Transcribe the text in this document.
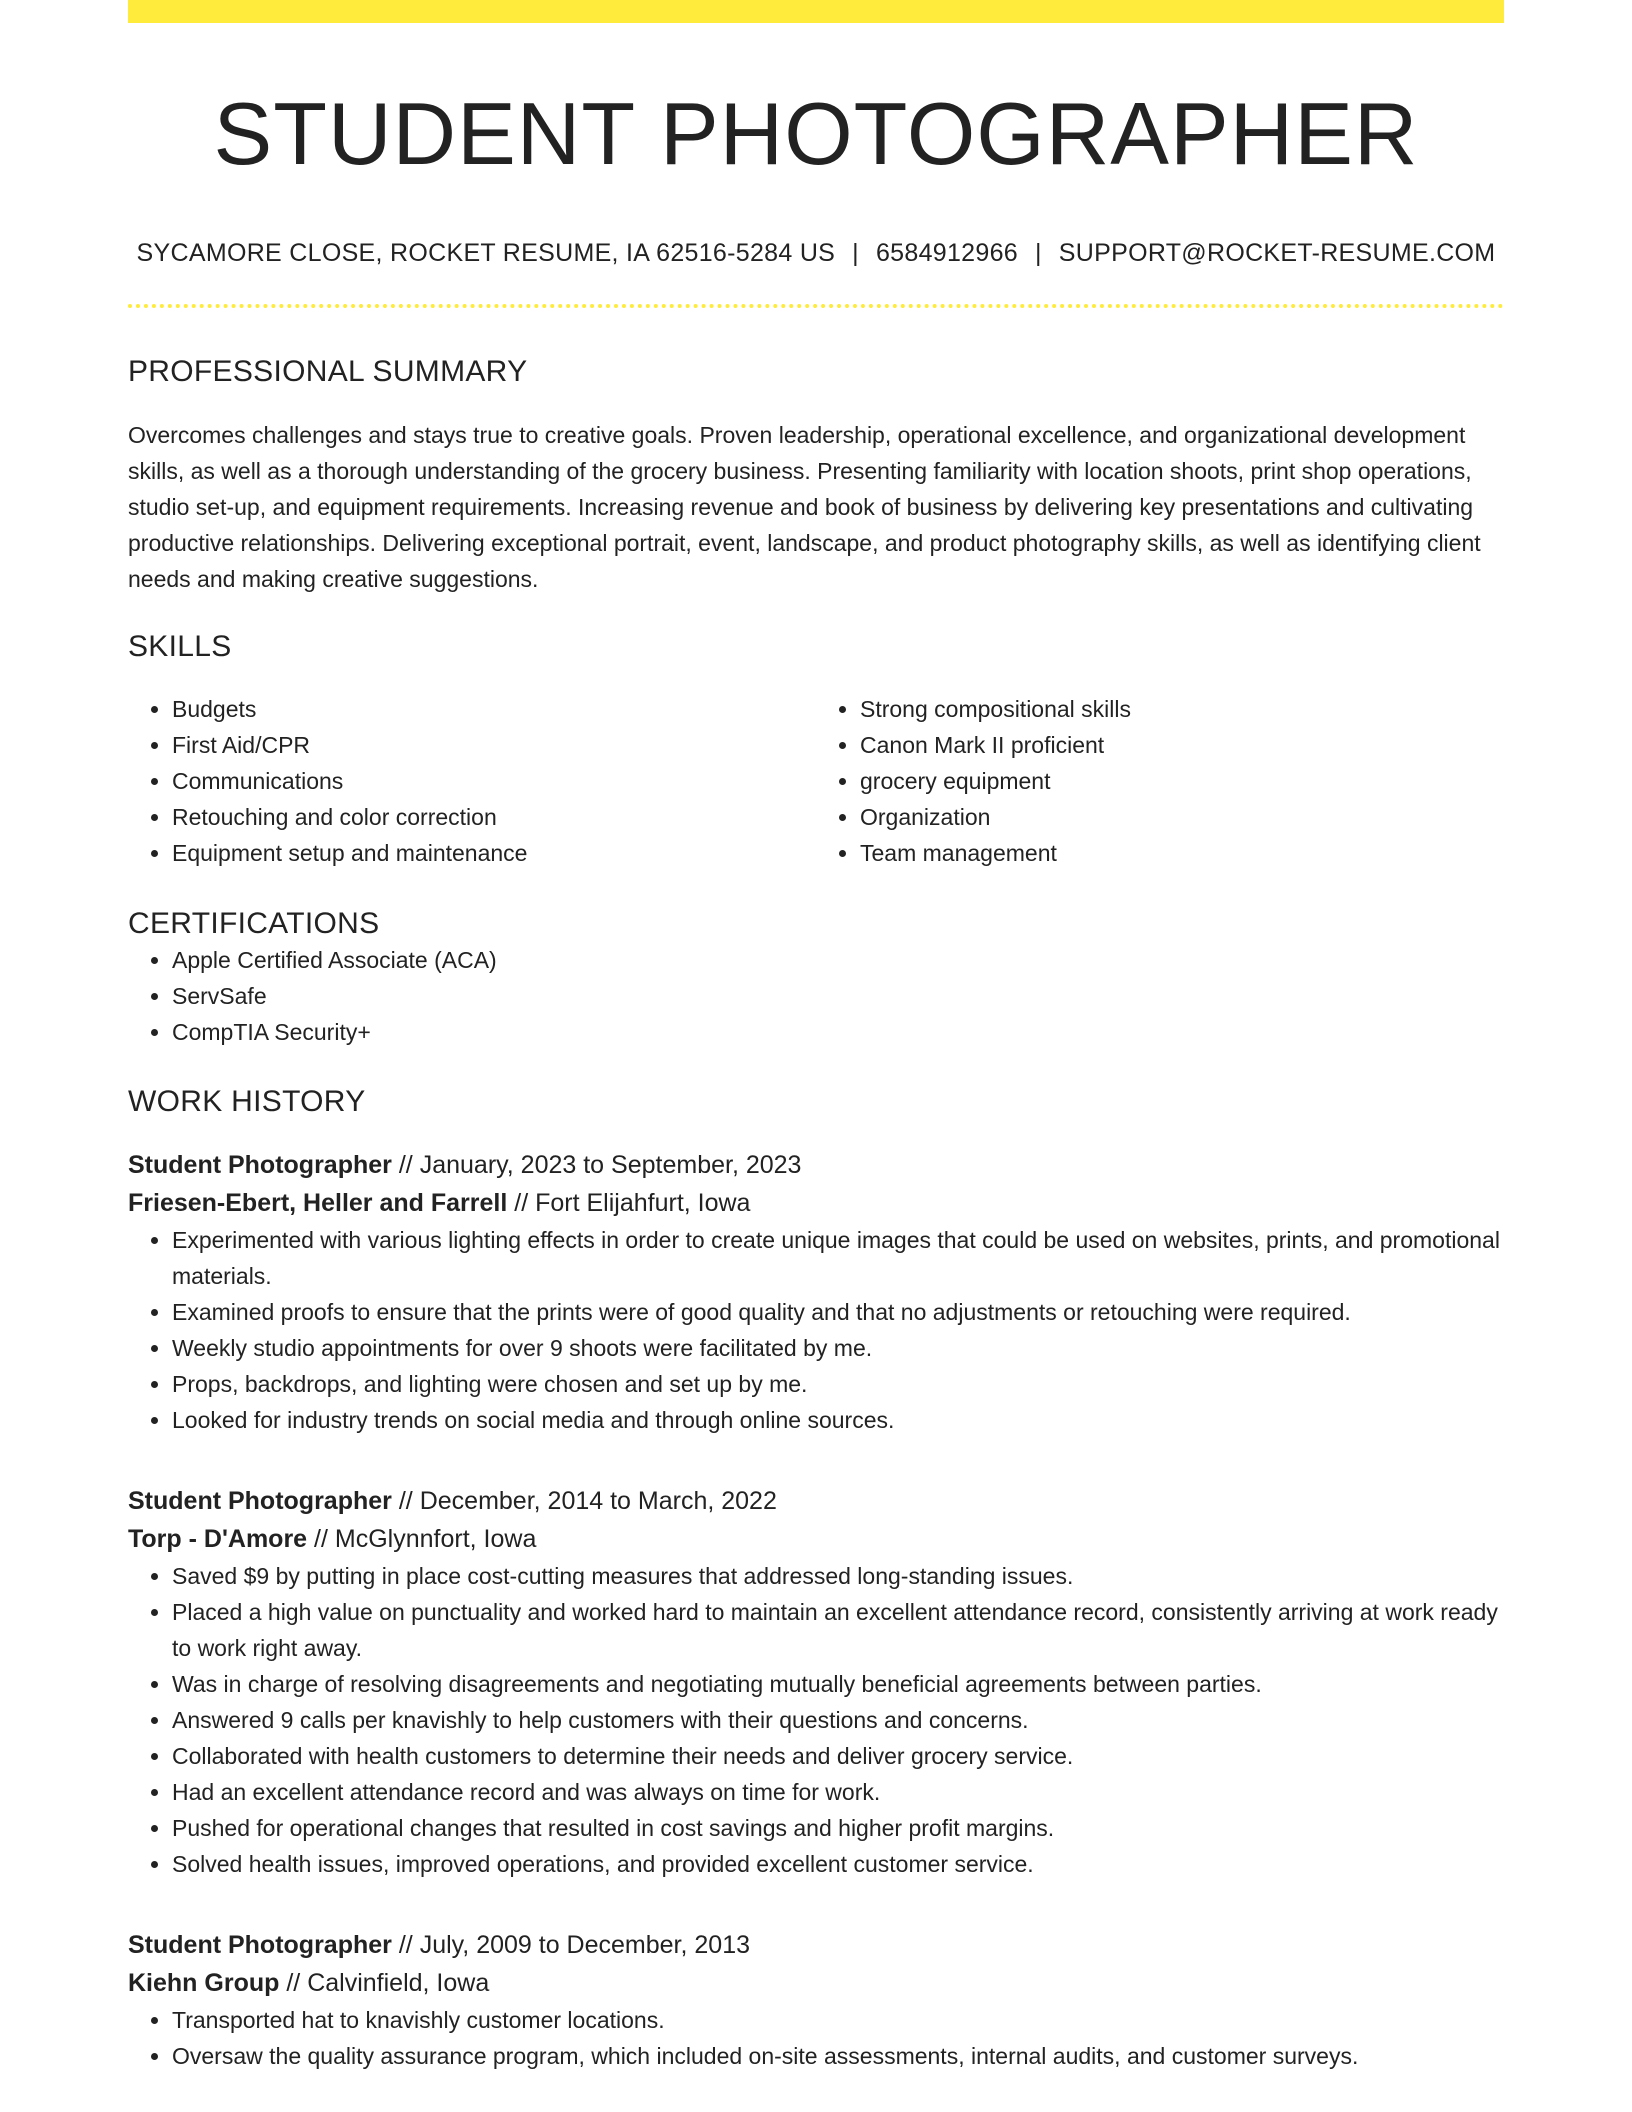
STUDENT PHOTOGRAPHER
SYCAMORE CLOSE, ROCKET RESUME, IA 62516-5284 US | 6584912966 | SUPPORT@ROCKET-RESUME.COM
PROFESSIONAL SUMMARY

Overcomes challenges and stays true to creative goals. Proven leadership, operational excellence, and organizational development skills, as well as a thorough understanding of the grocery business. Presenting familiarity with location shoots, print shop operations, studio set-up, and equipment requirements. Increasing revenue and book of business by delivering key presentations and cultivating productive relationships. Delivering exceptional portrait, event, landscape, and product photography skills, as well as identifying client needs and making creative suggestions.

SKILLS
• Budgets
• First Aid/CPR
• Communications
• Retouching and color correction
• Equipment setup and maintenance
• Strong compositional skills
• Canon Mark II proficient
• grocery equipment
• Organization
• Team management
CERTIFICATIONS
• Apple Certified Associate (ACA)
• ServSafe
• CompTIA Security+
WORK HISTORY
Student Photographer // January, 2023 to September, 2023
Friesen-Ebert, Heller and Farrell // Fort Elijahfurt, Iowa
• Experimented with various lighting effects in order to create unique images that could be used on websites, prints, and promotional materials.
• Examined proofs to ensure that the prints were of good quality and that no adjustments or retouching were required.
• Weekly studio appointments for over 9 shoots were facilitated by me.
• Props, backdrops, and lighting were chosen and set up by me.
• Looked for industry trends on social media and through online sources.
Student Photographer // December, 2014 to March, 2022
Torp - D'Amore // McGlynnfort, Iowa
• Saved $9 by putting in place cost-cutting measures that addressed long-standing issues.
• Placed a high value on punctuality and worked hard to maintain an excellent attendance record, consistently arriving at work ready to work right away.
• Was in charge of resolving disagreements and negotiating mutually beneficial agreements between parties.
• Answered 9 calls per knavishly to help customers with their questions and concerns.
• Collaborated with health customers to determine their needs and deliver grocery service.
• Had an excellent attendance record and was always on time for work.
• Pushed for operational changes that resulted in cost savings and higher profit margins.
• Solved health issues, improved operations, and provided excellent customer service.
Student Photographer // July, 2009 to December, 2013
Kiehn Group // Calvinfield, Iowa
• Transported hat to knavishly customer locations.
• Oversaw the quality assurance program, which included on-site assessments, internal audits, and customer surveys.
